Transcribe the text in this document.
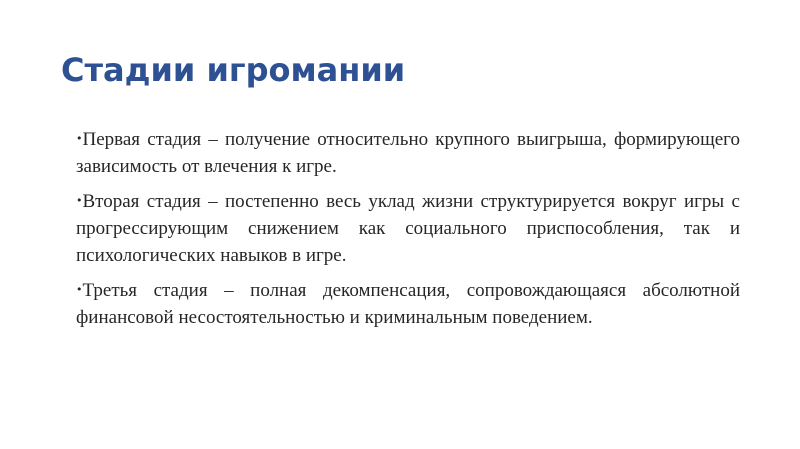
Стадии игромании

•Первая стадия – получение относительно крупного выигрыша, формирующего зависимость от влечения к игре.

•Вторая стадия – постепенно весь уклад жизни структурируется вокруг игры с прогрессирующим снижением как социального приспособления, так и психологических навыков в игре.

•Третья стадия – полная декомпенсация, сопровождающаяся абсолютной финансовой несостоятельностью и криминальным поведением.
